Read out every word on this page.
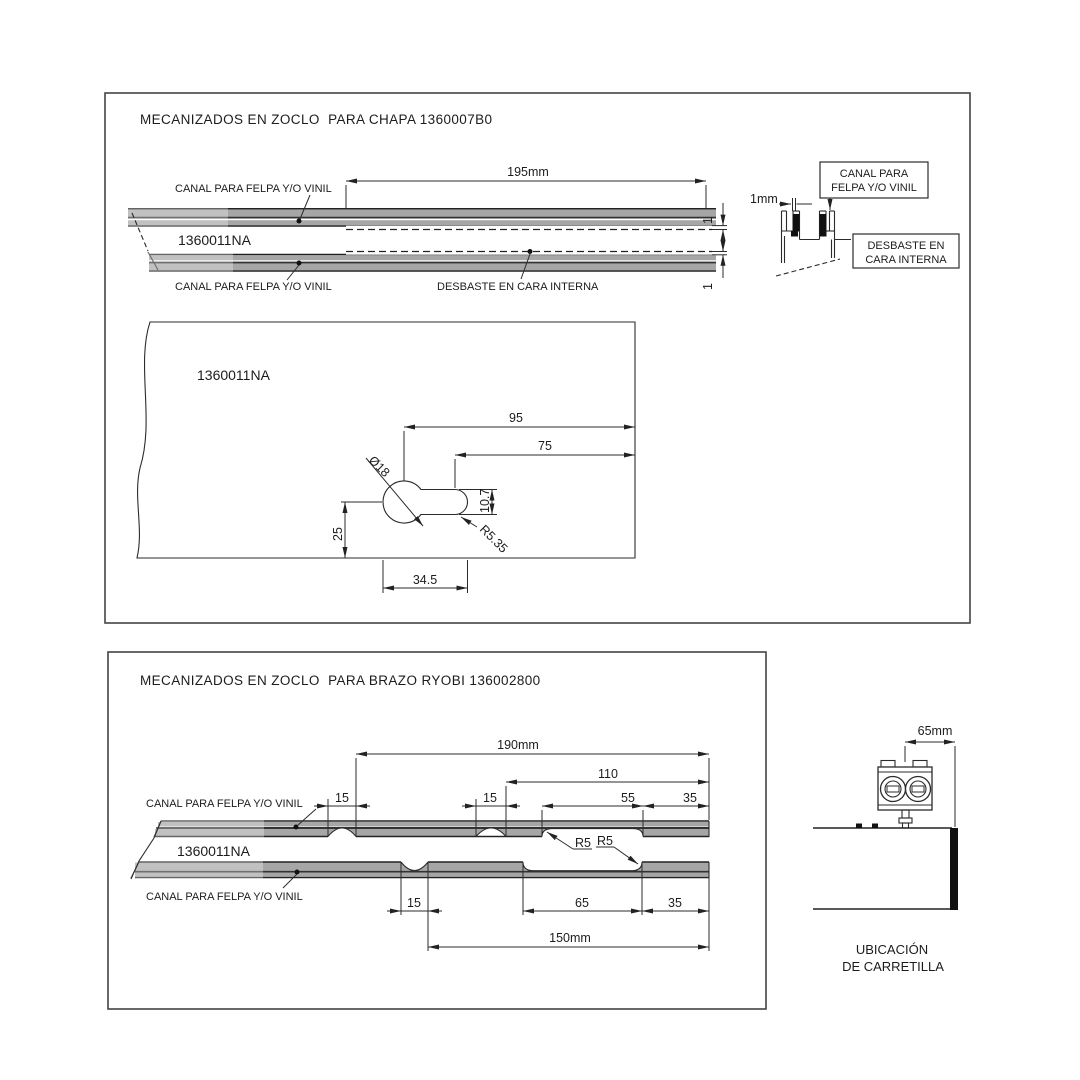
MECANIZADOS EN ZOCLO  PARA CHAPA 1360007B0
195mm
1
1
CANAL PARA FELPA Y/O VINIL
1360011NA
CANAL PARA FELPA Y/O VINIL	DESBASTE EN CARA INTERNA
1mm
CANAL PARA
FELPA Y/O VINIL
DESBASTE EN
CARA INTERNA
1360011NA
Ø18
95
75
10.7
R5.35
25
34.5
MECANIZADOS EN ZOCLO  PARA BRAZO RYOBI 136002800
CANAL PARA FELPA Y/O VINIL
1360011NA
CANAL PARA FELPA Y/O VINIL
190mm
110
15	15	55	35
R5 R5
15	65	35
150mm
65mm
UBICACIÓN
DE CARRETILLA
